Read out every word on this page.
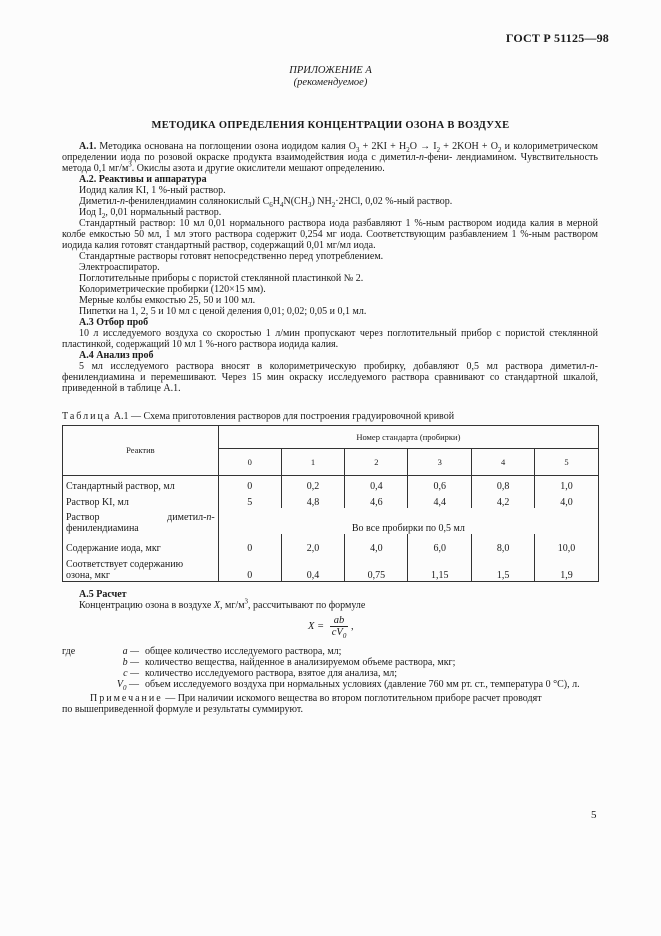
ГОСТ Р 51125—98
ПРИЛОЖЕНИЕ А
(рекомендуемое)
МЕТОДИКА ОПРЕДЕЛЕНИЯ КОНЦЕНТРАЦИИ ОЗОНА В ВОЗДУХЕ

А.1. Методика основана на поглощении озона иодидом калия $O_3 + 2KI + H_2O \to I_2 + 2KOH + O_2$ и колориметрическом определении иода по розовой окраске продукта взаимодействия иода с диметил-n-фени- лендиамином. Чувствительность метода 0,1 $мг/м^3$. Окислы азота и другие окислители мешают определению.

А.2. Реактивы и аппаратура

Иодид калия KI, 1 %-ный раствор.

Диметил-n-фенилендиамин солянокислый $C_6H_4N(CH_3)$ $NH_2\cdot 2HCl$, 0,02 %-ный раствор.

Иод $I_2$, 0,01 нормальный раствор.

Стандартный раствор: 10 мл 0,01 нормального раствора иода разбавляют 1 %-ным раствором иодида калия в мерной колбе емкостью 50 мл, 1 мл этого раствора содержит 0,254 мг иода. Соответствующим разбавлением 1 %-ным раствором иодида калия готовят стандартный раствор, содержащий 0,01 мг/мл иода.

Стандартные растворы готовят непосредственно перед употреблением.

Электроаспиратор.

Поглотительные приборы с пористой стеклянной пластинкой № 2.

Колориметрические пробирки (120×15 мм).

Мерные колбы емкостью 25, 50 и 100 мл.

Пипетки на 1, 2, 5 и 10 мл с ценой деления 0,01; 0,02; 0,05 и 0,1 мл.

А.3 Отбор проб

10 л исследуемого воздуха со скоростью 1 л/мин пропускают через поглотительный прибор с пористой стеклянной пластинкой, содержащий 10 мл 1 %-ного раствора иодида калия.

А.4 Анализ проб

5 мл исследуемого раствора вносят в колориметрическую пробирку, добавляют 0,5 мл раствора диметил-n- фенилендиамина и перемешивают. Через 15 мин окраску исследуемого раствора сравнивают со стандартной шкалой, приведенной в таблице А.1.

Таблица А.1 — Схема приготовления растворов для построения градуировочной кривой
Реактив	Номер стандарта (пробирки)					
	0	1	2	3	4	5
Стандартный раствор, мл	0	0,2	0,4	0,6	0,8	1,0
Раствор KI, мл	5	4,8	4,6	4,4	4,2	4,0

Раствор диметил-n-
фенилендиамина	Во все пробирки по 0,5 мл					
Содержание иода, мкг	0	2,0	4,0	6,0	8,0	10,0

Соответствует содержанию
озона, мкг	0	0,4	0,75	1,15	1,5	1,9

А.5 Расчет

Концентрацию озона в воздухе X, $мг/м^3$, рассчитывают по формуле

$X = \frac{ab}{cV_0}$ ,
где	a — общее количество исследуемого раствора, мл;
b — количество вещества, найденное в анализируемом объеме раствора, мкг;
c — количество исследуемого раствора, взятое для анализа, мл;
$V_0$ — объем исследуемого воздуха при нормальных условиях (давление 760 мм рт. ст., температура 0 °С), л.

Примечание — При наличии искомого вещества во втором поглотительном приборе расчет проводят

по вышеприведенной формуле и результаты суммируют.

5
